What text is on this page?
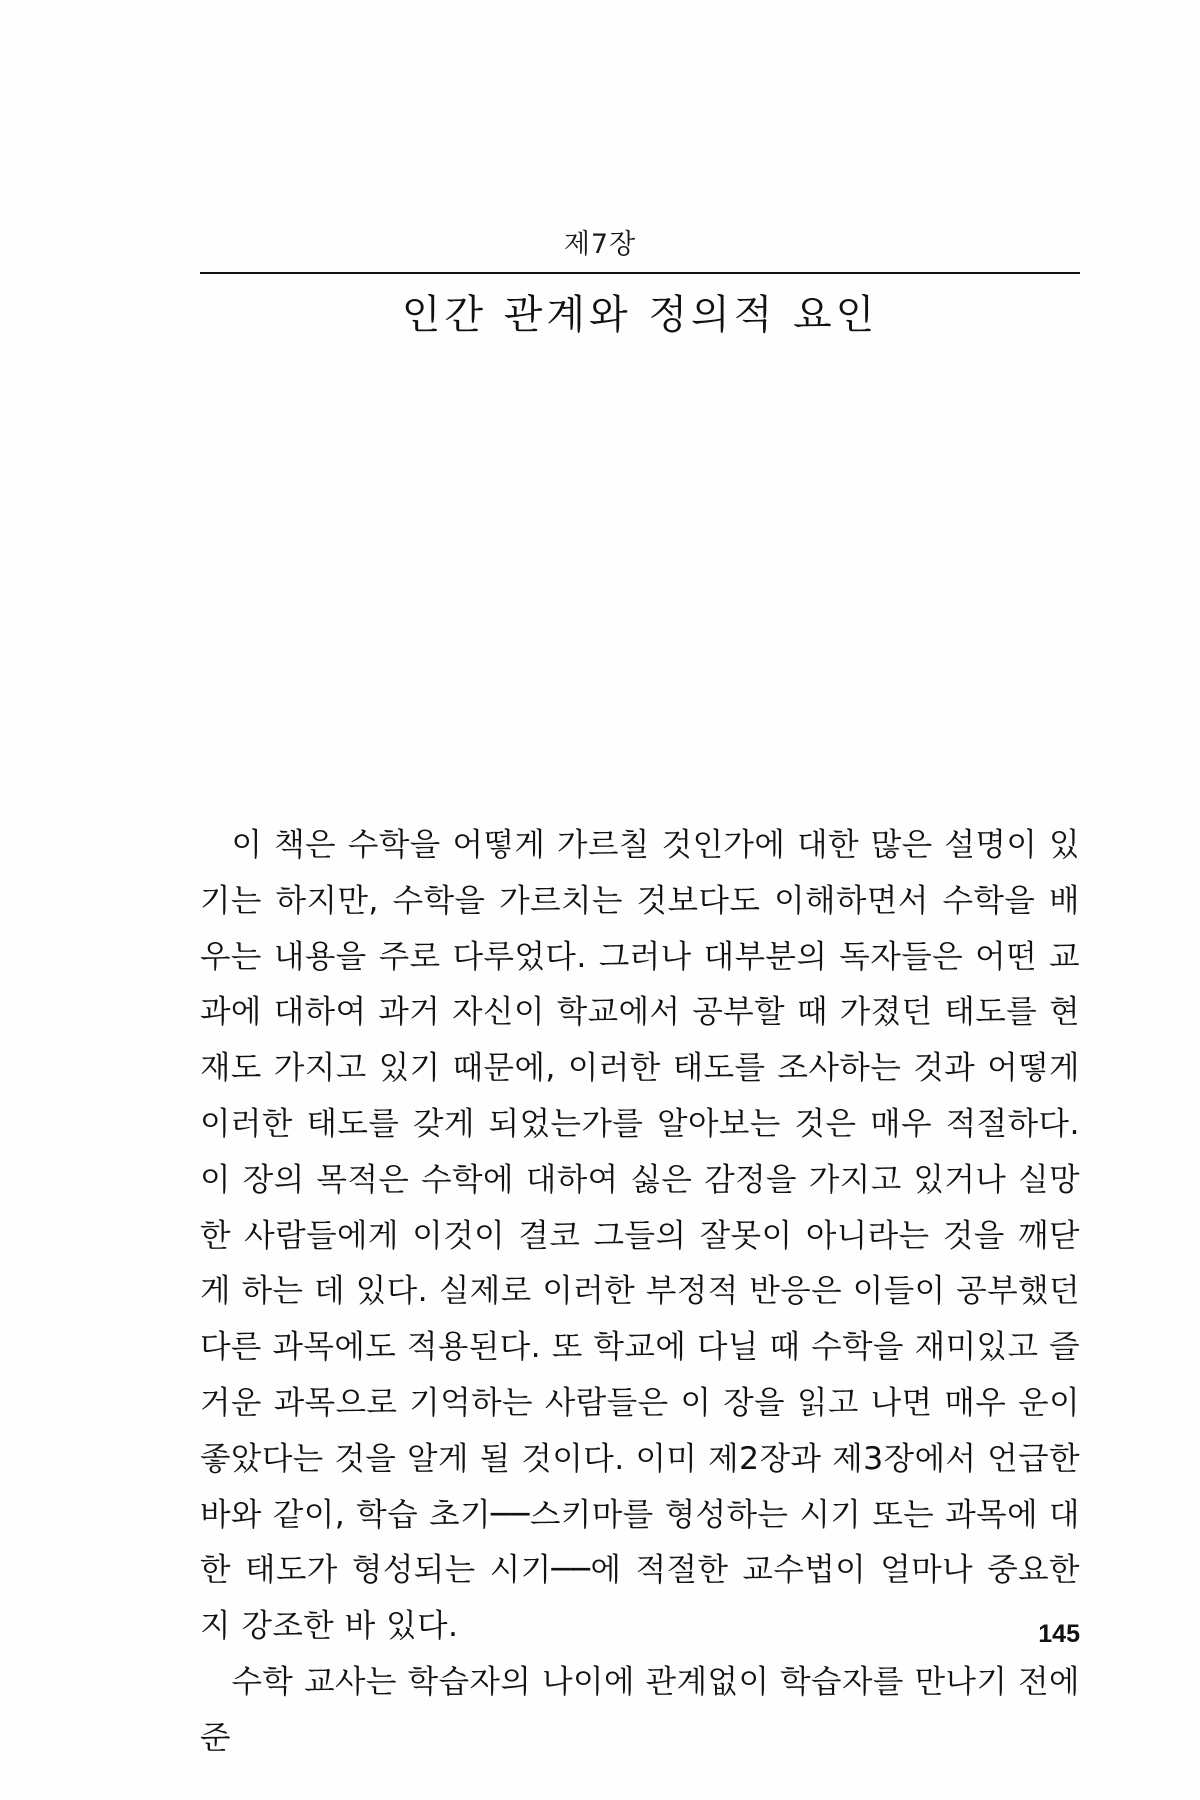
제7장
인간 관계와 정의적 요인

이 책은 수학을 어떻게 가르칠 것인가에 대한 많은 설명이 있기는 하지만, 수학을 가르치는 것보다도 이해하면서 수학을 배우는 내용을 주로 다루었다. 그러나 대부분의 독자들은 어떤 교과에 대하여 과거 자신이 학교에서 공부할 때 가졌던 태도를 현재도 가지고 있기 때문에, 이러한 태도를 조사하는 것과 어떻게 이러한 태도를 갖게 되었는가를 알아보는 것은 매우 적절하다. 이 장의 목적은 수학에 대하여 싫은 감정을 가지고 있거나 실망한 사람들에게 이것이 결코 그들의 잘못이 아니라는 것을 깨닫게 하는 데 있다. 실제로 이러한 부정적 반응은 이들이 공부했던 다른 과목에도 적용된다. 또 학교에 다닐 때 수학을 재미있고 즐거운 과목으로 기억하는 사람들은 이 장을 읽고 나면 매우 운이 좋았다는 것을 알게 될 것이다. 이미 제2장과 제3장에서 언급한 바와 같이, 학습 초기──스키마를 형성하는 시기 또는 과목에 대한 태도가 형성되는 시기──에 적절한 교수법이 얼마나 중요한지 강조한 바 있다.

수학 교사는 학습자의 나이에 관계없이 학습자를 만나기 전에 준

145
